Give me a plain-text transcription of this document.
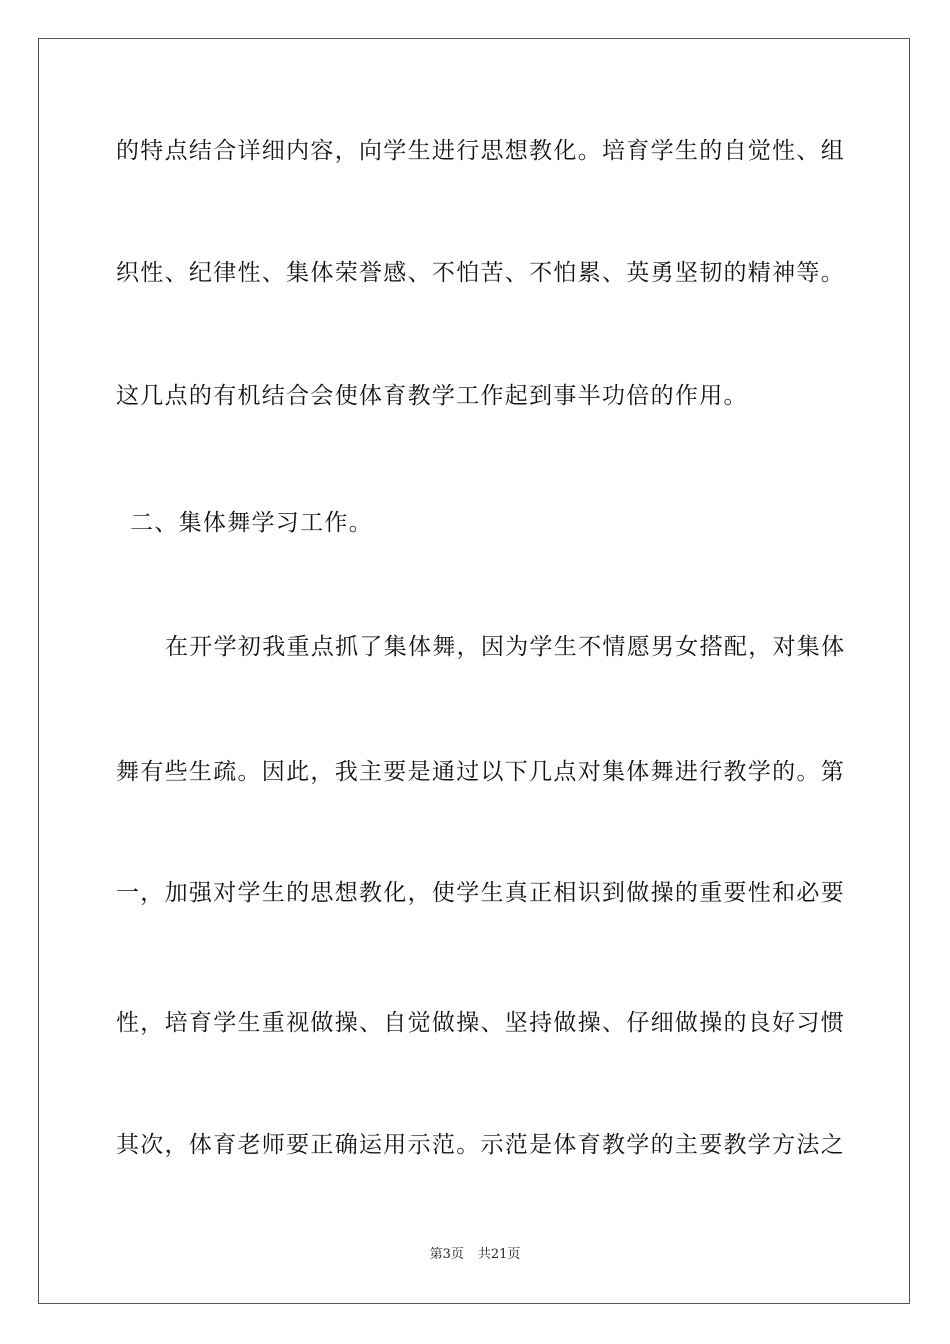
的特点结合详细内容，向学生进行思想教化。培育学生的自觉性、组
织性、纪律性、集体荣誉感、不怕苦、不怕累、英勇坚韧的精神等。
这几点的有机结合会使体育教学工作起到事半功倍的作用。
二、集体舞学习工作。
在开学初我重点抓了集体舞，因为学生不情愿男女搭配，对集体
舞有些生疏。因此，我主要是通过以下几点对集体舞进行教学的。第
一，加强对学生的思想教化，使学生真正相识到做操的重要性和必要
性，培育学生重视做操、自觉做操、坚持做操、仔细做操的良好习惯
其次，体育老师要正确运用示范。示范是体育教学的主要教学方法之
第3页 共21页
